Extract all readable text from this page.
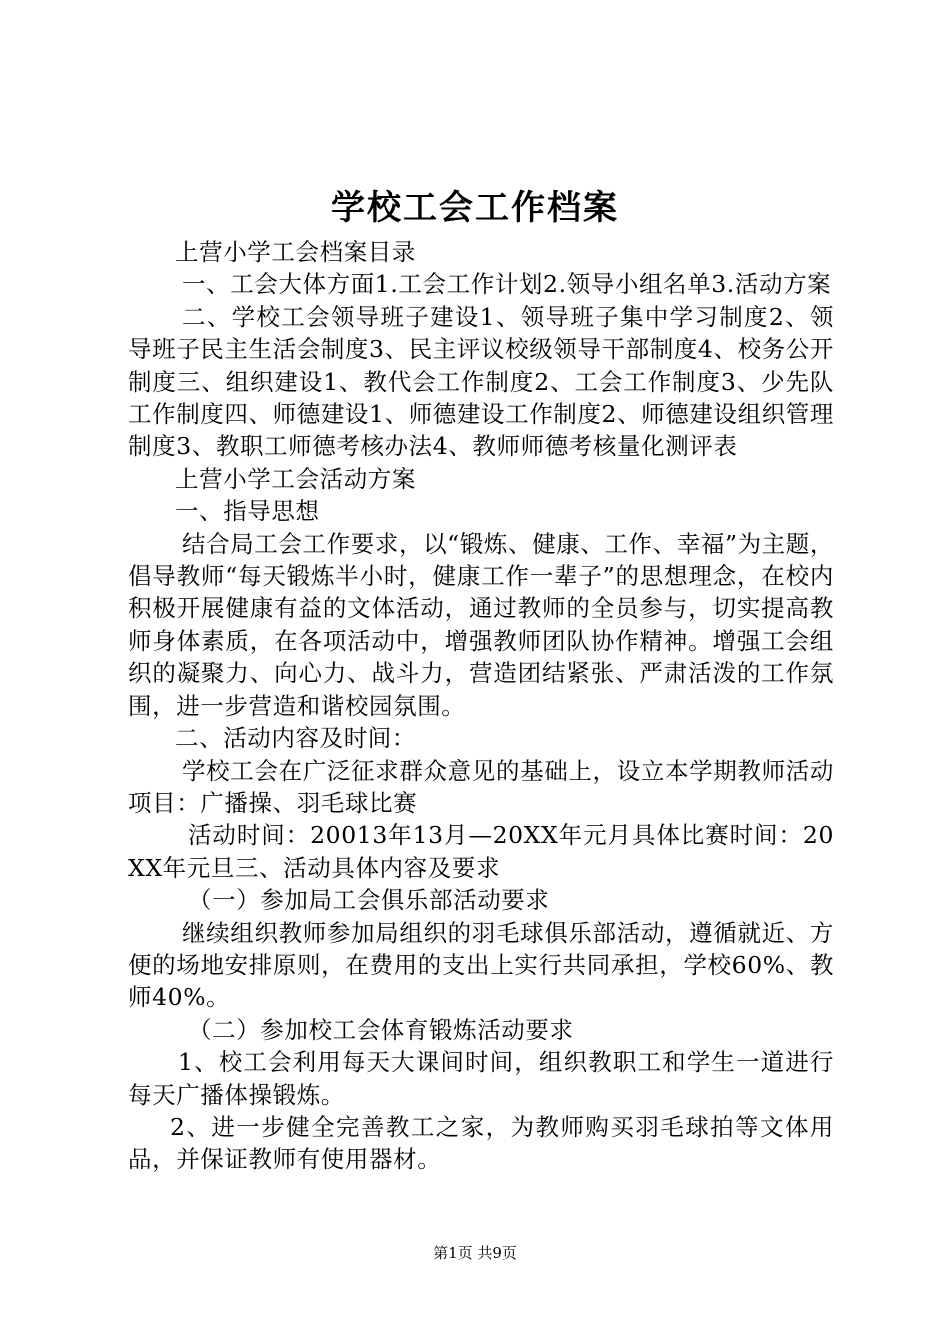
学校工会工作档案

上营小学工会档案目录

一、工会大体方面1.工会工作计划2.领导小组名单3.活动方案

二、学校工会领导班子建设1、领导班子集中学习制度2、领导班子民主生活会制度3、民主评议校级领导干部制度4、校务公开制度三、组织建设1、教代会工作制度2、工会工作制度3、少先队工作制度四、师德建设1、师德建设工作制度2、师德建设组织管理制度3、教职工师德考核办法4、教师师德考核量化测评表

上营小学工会活动方案

一、指导思想

结合局工会工作要求，以“锻炼、健康、工作、幸福”为主题，倡导教师“每天锻炼半小时，健康工作一辈子”的思想理念，在校内积极开展健康有益的文体活动，通过教师的全员参与，切实提高教师身体素质，在各项活动中，增强教师团队协作精神。增强工会组织的凝聚力、向心力、战斗力，营造团结紧张、严肃活泼的工作氛围，进一步营造和谐校园氛围。

二、活动内容及时间：

学校工会在广泛征求群众意见的基础上，设立本学期教师活动项目：广播操、羽毛球比赛

活动时间：20013年13月—20XX年元月具体比赛时间：20XX年元旦三、活动具体内容及要求

（一）参加局工会俱乐部活动要求

继续组织教师参加局组织的羽毛球俱乐部活动，遵循就近、方便的场地安排原则，在费用的支出上实行共同承担，学校60%、教师40%。

（二）参加校工会体育锻炼活动要求

1、校工会利用每天大课间时间，组织教职工和学生一道进行每天广播体操锻炼。

2、进一步健全完善教工之家，为教师购买羽毛球拍等文体用品，并保证教师有使用器材。

第1页 共9页
